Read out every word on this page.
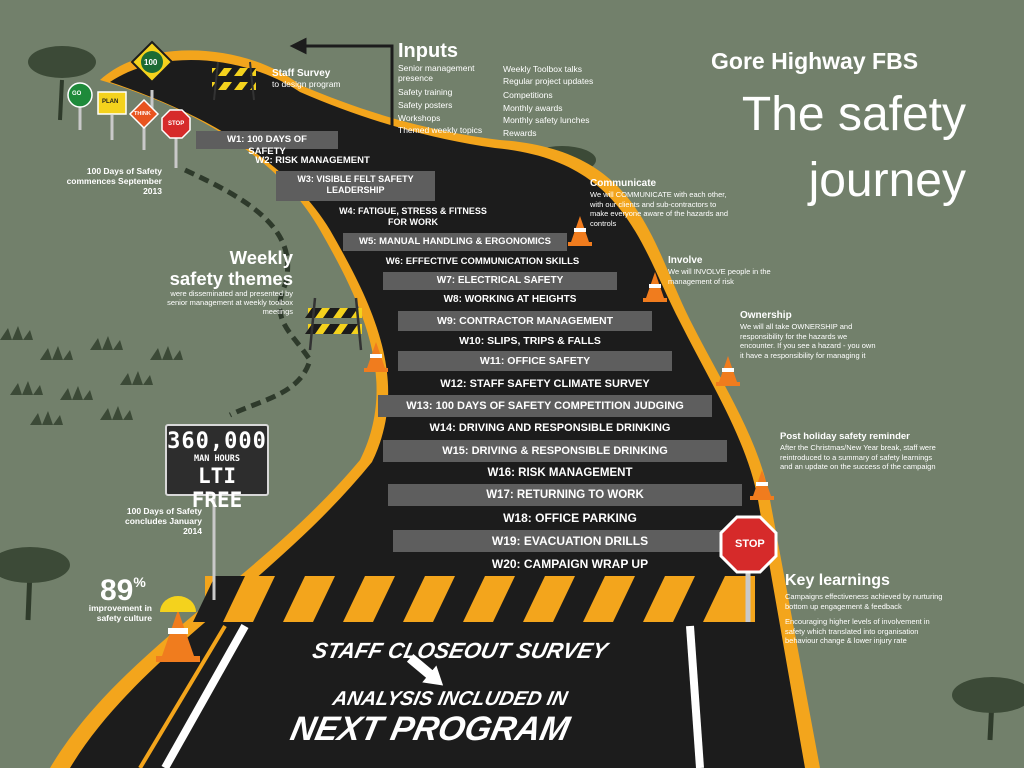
GO
PLAN
THINK
STOP
100	Gore Highway FBS
The safety
journey
Staff Survey
to design program
Inputs
Senior management presence
Safety training
Safety posters
Workshops
Themed weekly topics
Weekly Toolbox talks
Regular project updates
Competitions
Monthly awards
Monthly safety lunches
Rewards
100 Days of Safety commences September 2013
Weekly
safety themes
were disseminated and presented by senior management at weekly toolbox meetings
W1: 100 DAYS OF SAFETY
W2: RISK MANAGEMENT
W3: VISIBLE FELT SAFETY LEADERSHIP
W4: FATIGUE, STRESS & FITNESS FOR WORK
W5: MANUAL HANDLING & ERGONOMICS
W6: EFFECTIVE COMMUNICATION SKILLS
W7: ELECTRICAL SAFETY
W8: WORKING AT HEIGHTS
W9: CONTRACTOR MANAGEMENT
W10: SLIPS, TRIPS & FALLS
W11: OFFICE SAFETY
W12: STAFF SAFETY CLIMATE SURVEY
W13: 100 DAYS OF SAFETY COMPETITION JUDGING
W14: DRIVING AND RESPONSIBLE DRINKING
W15: DRIVING & RESPONSIBLE DRINKING
W16: RISK MANAGEMENT
W17: RETURNING TO WORK
W18: OFFICE PARKING
W19: EVACUATION DRILLS
W20: CAMPAIGN WRAP UP
Communicate
We will COMMUNICATE with each other, with our clients and sub-contractors to make everyone aware of the hazards and controls
Involve
We will INVOLVE people in the management of risk
Ownership
We will all take OWNERSHIP and responsibility for the hazards we encounter. If you see a hazard - you own it have a responsibility for managing it
Post holiday safety reminder
After the Christmas/New Year break, staff were reintroduced to a summary of safety learnings and an update on the success of the campaign
360,000
MAN HOURS
LTI FREE
100 Days of Safety concludes January 2014
89%
improvement in safety culture
STOP
Key learnings
Campaigns effectiveness achieved by nurturing bottom up engagement & feedback
Encouraging higher levels of involvement in safety which translated into organisation behaviour change & lower injury rate
STAFF CLOSEOUT SURVEY
ANALYSIS INCLUDED IN
NEXT PROGRAM
